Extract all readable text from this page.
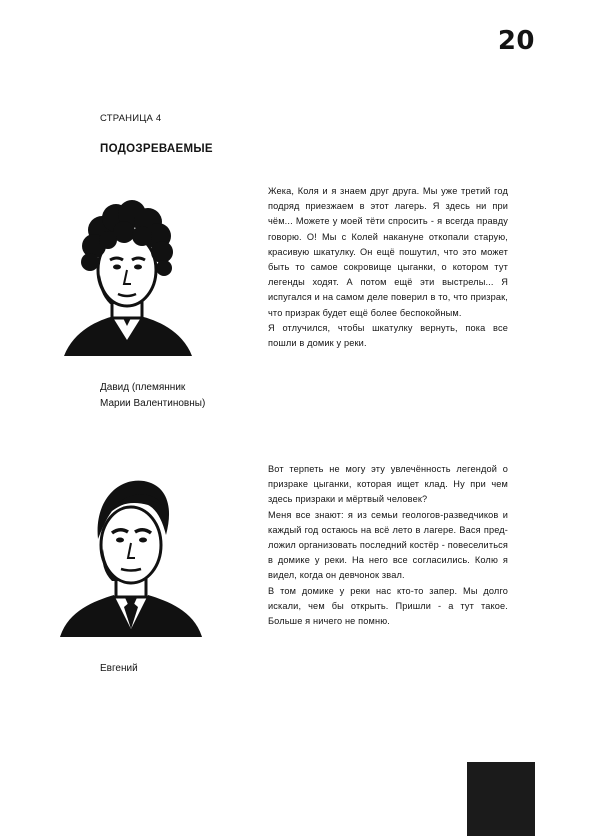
20
СТРАНИЦА 4
ПОДОЗРЕВАЕМЫЕ
Давид (племянник
Марии Валентиновны)

Жека, Коля и я знаем друг друга. Мы уже третий год подряд приезжаем в этот лагерь. Я здесь ни при чём... Можете у моей тёти спросить - я всегда правду говорю. О! Мы с Колей накануне откопали старую, красивую шкатулку. Он ещё пошутил, что это может быть то самое сокровище цыганки, о котором тут легенды ходят. А потом ещё эти выстрелы... Я испугался и на самом деле поверил в то, что призрак, что призрак будет ещё более беспокойным.

Я отлучился, чтобы шкатулку вернуть, пока все пошли в домик у реки.

Евгений

Вот терпеть не могу эту увлечённость легендой о призраке цыганки, которая ищет клад. Ну при чем здесь призраки и мёртвый человек?

Меня все знают: я из семьи геологов-разведчиков и каждый год остаюсь на всё лето в лагере. Вася пред-ложил организовать последний костёр - повеселиться в домике у реки. На него все согласились. Колю я видел, когда он девчонок звал.

В том домике у реки нас кто-то запер. Мы долго искали, чем бы открыть. Пришли - а тут такое. Больше я ничего не помню.
